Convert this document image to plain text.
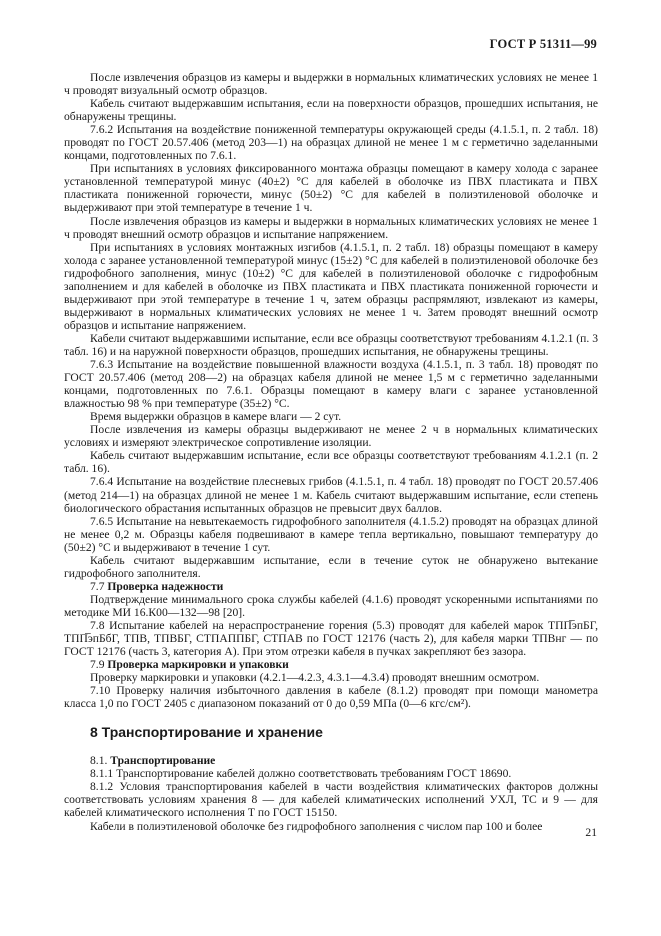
ГОСТ Р 51311—99

После извлечения образцов из камеры и выдержки в нормальных климатических условиях не менее 1 ч проводят визуальный осмотр образцов.

Кабель считают выдержавшим испытания, если на поверхности образцов, прошедших испытания, не обнаружены трещины.

7.6.2 Испытания на воздействие пониженной температуры окружающей среды (4.1.5.1, п. 2 табл. 18) проводят по ГОСТ 20.57.406 (метод 203—1) на образцах длиной не менее 1 м с герметично заделанными концами, подготовленных по 7.6.1.

При испытаниях в условиях фиксированного монтажа образцы помещают в камеру холода с заранее установленной температурой минус (40±2) °С для кабелей в оболочке из ПВХ пластиката и ПВХ пластиката пониженной горючести, минус (50±2) °С для кабелей в полиэтиленовой оболочке и выдерживают при этой температуре в течение 1 ч.

После извлечения образцов из камеры и выдержки в нормальных климатических условиях не менее 1 ч проводят внешний осмотр образцов и испытание напряжением.

При испытаниях в условиях монтажных изгибов (4.1.5.1, п. 2 табл. 18) образцы помещают в камеру холода с заранее установленной температурой минус (15±2) °С для кабелей в полиэтиленовой оболочке без гидрофобного заполнения, минус (10±2) °С для кабелей в полиэтиленовой оболочке с гидрофобным заполнением и для кабелей в оболочке из ПВХ пластиката и ПВХ пластиката пониженной горючести и выдерживают при этой температуре в течение 1 ч, затем образцы распрямляют, извлекают из камеры, выдерживают в нормальных климатических условиях не менее 1 ч. Затем проводят внешний осмотр образцов и испытание напряжением.

Кабели считают выдержавшими испытание, если все образцы соответствуют требованиям 4.1.2.1 (п. 3 табл. 16) и на наружной поверхности образцов, прошедших испытания, не обнаружены трещины.

7.6.3 Испытание на воздействие повышенной влажности воздуха (4.1.5.1, п. 3 табл. 18) проводят по ГОСТ 20.57.406 (метод 208—2) на образцах кабеля длиной не менее 1,5 м с герметично заделанными концами, подготовленных по 7.6.1. Образцы помещают в камеру влаги с заранее установленной влажностью 98 % при температуре (35±2) °С.

Время выдержки образцов в камере влаги — 2 сут.

После извлечения из камеры образцы выдерживают не менее 2 ч в нормальных климатических условиях и измеряют электрическое сопротивление изоляции.

Кабель считают выдержавшим испытание, если все образцы соответствуют требованиям 4.1.2.1 (п. 2 табл. 16).

7.6.4 Испытание на воздействие плесневых грибов (4.1.5.1, п. 4 табл. 18) проводят по ГОСТ 20.57.406 (метод 214—1) на образцах длиной не менее 1 м. Кабель считают выдержавшим испытание, если степень биологического обрастания испытанных образцов не превысит двух баллов.

7.6.5 Испытание на невытекаемость гидрофобного заполнителя (4.1.5.2) проводят на образцах длиной не менее 0,2 м. Образцы кабеля подвешивают в камере тепла вертикально, повышают температуру до (50±2) °С и выдерживают в течение 1 сут.

Кабель считают выдержавшим испытание, если в течение суток не обнаружено вытекание гидрофобного заполнителя.

7.7 Проверка надежности

Подтверждение минимального срока службы кабелей (4.1.6) проводят ускоренными испытаниями по методике МИ 16.К00—132—98 [20].

7.8 Испытание кабелей на нераспространение горения (5.3) проводят для кабелей марок ТПП̅эпБГ, ТПП̅эпБбГ, ТПВ, ТПВБГ, СТПАППБГ, СТПАВ по ГОСТ 12176 (часть 2), для кабеля марки ТПВнг — по ГОСТ 12176 (часть 3, категория А). При этом отрезки кабеля в пучках закрепляют без зазора.

7.9 Проверка маркировки и упаковки

Проверку маркировки и упаковки (4.2.1—4.2.3, 4.3.1—4.3.4) проводят внешним осмотром.

7.10 Проверку наличия избыточного давления в кабеле (8.1.2) проводят при помощи манометра класса 1,0 по ГОСТ 2405 с диапазоном показаний от 0 до 0,59 МПа (0—6 кгс/см²).

8 Транспортирование и хранение

8.1. Транспортирование

8.1.1 Транспортирование кабелей должно соответствовать требованиям ГОСТ 18690.

8.1.2 Условия транспортирования кабелей в части воздействия климатических факторов должны соответствовать условиям хранения 8 — для кабелей климатических исполнений УХЛ, ТС и 9 — для кабелей климатического исполнения Т по ГОСТ 15150.

Кабели в полиэтиленовой оболочке без гидрофобного заполнения с числом пар 100 и более	21
